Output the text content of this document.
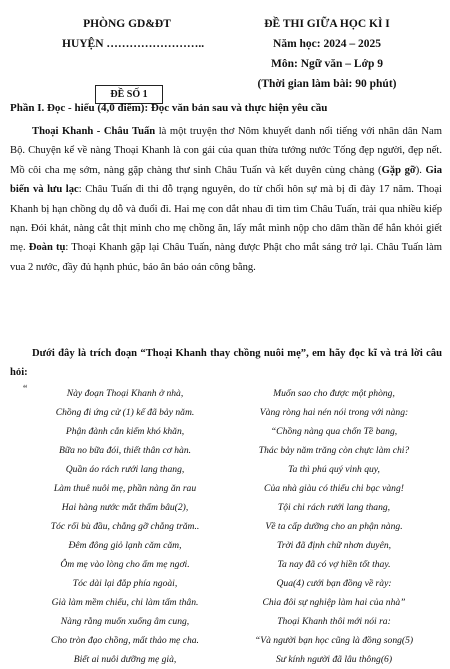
PHÒNG GD&ĐT
HUYỆN ……………………..
ĐỀ SỐ 1
ĐỀ THI GIỮA HỌC KÌ I
Năm học: 2024 – 2025
Môn: Ngữ văn – Lớp 9
(Thời gian làm bài: 90 phút)
Phần I. Đọc - hiểu (4,0 điểm): Đọc văn bản sau và thực hiện yêu cầu
Thoại Khanh - Châu Tuấn là một truyện thơ Nôm khuyết danh nổi tiếng với nhân dân Nam Bộ. Chuyện kể về nàng Thoại Khanh là con gái của quan thừa tướng nước Tống đẹp người, đẹp nết. Mồ côi cha mẹ sớm, nàng gặp chàng thư sinh Châu Tuấn và kết duyên cùng chàng (Gặp gỡ). Gia biến và lưu lạc: Châu Tuấn đi thi đỗ trạng nguyên, do từ chối hôn sự mà bị đi đày 17 năm. Thoại Khanh bị hạn chồng dụ dỗ và đuổi đi. Hai mẹ con dắt nhau đi tìm tìm Châu Tuấn, trải qua nhiều kiếp nạn. Đói khát, nàng cắt thịt mình cho mẹ chồng ăn, lấy mắt mình nộp cho dâm thần để hắn khỏi giết mẹ. Đoàn tụ: Thoại Khanh gặp lại Châu Tuấn, nàng được Phật cho mắt sáng trở lại. Châu Tuấn làm vua 2 nước, đầy đủ hạnh phúc, báo ân báo oán công bằng.
Dưới đây là trích đoạn “Thoại Khanh thay chồng nuôi mẹ”, em hãy đọc kĩ và trả lời câu hỏi:
“	Này đoạn Thoại Khanh ở nhà,
Chồng đi ứng cử (1) kể đã bảy năm.
Phận đành cắn kiếm khó khăn,
Bữa no bữa đói, thiết thân cơ hàn.
Quần áo rách rưới lang thang,
Làm thuê nuôi mẹ, phần nàng ăn rau
Hai hàng nước mắt thấm bâu(2),
Tóc rối bù đầu, chẳng gỡ chẳng trăm..
Đêm đông giỏ lạnh căm căm,
Ôm mẹ vào lòng cho ấm mẹ ngơi.
Tóc dài lại đắp phía ngoài,
Già làm mềm chiếu, chi làm tấm thân.
Nàng rằng muốn xuống âm cung,
Cho tròn đạo chồng, mất thảo mẹ cha.
Biết ai nuôi dưỡng mẹ già,
Muốn sao cho được một phòng,
Vàng ròng hai nén nói trong với nàng:
“Chồng nàng qua chốn Tề bang,
Thác bảy năm trăng còn chực làm chi?
Ta thì phú quý vinh quy,
Của nhà giàu có thiếu chi bạc vàng!
Tội chi rách rưới lang thang,
Về ta cấp dưỡng cho an phận nàng.
Trời đã định chữ nhơn duyên,
Ta nay đã có vợ hiền tốt thay.
Qua(4) cưới bạn đồng về rày:
Chia đôi sự nghiệp làm hai của nhà”
Thoại Khanh thôi mới nói ra:
“Và người bạn học cũng là đồng song(5)
Sư kính người đã lâu thông(6)
